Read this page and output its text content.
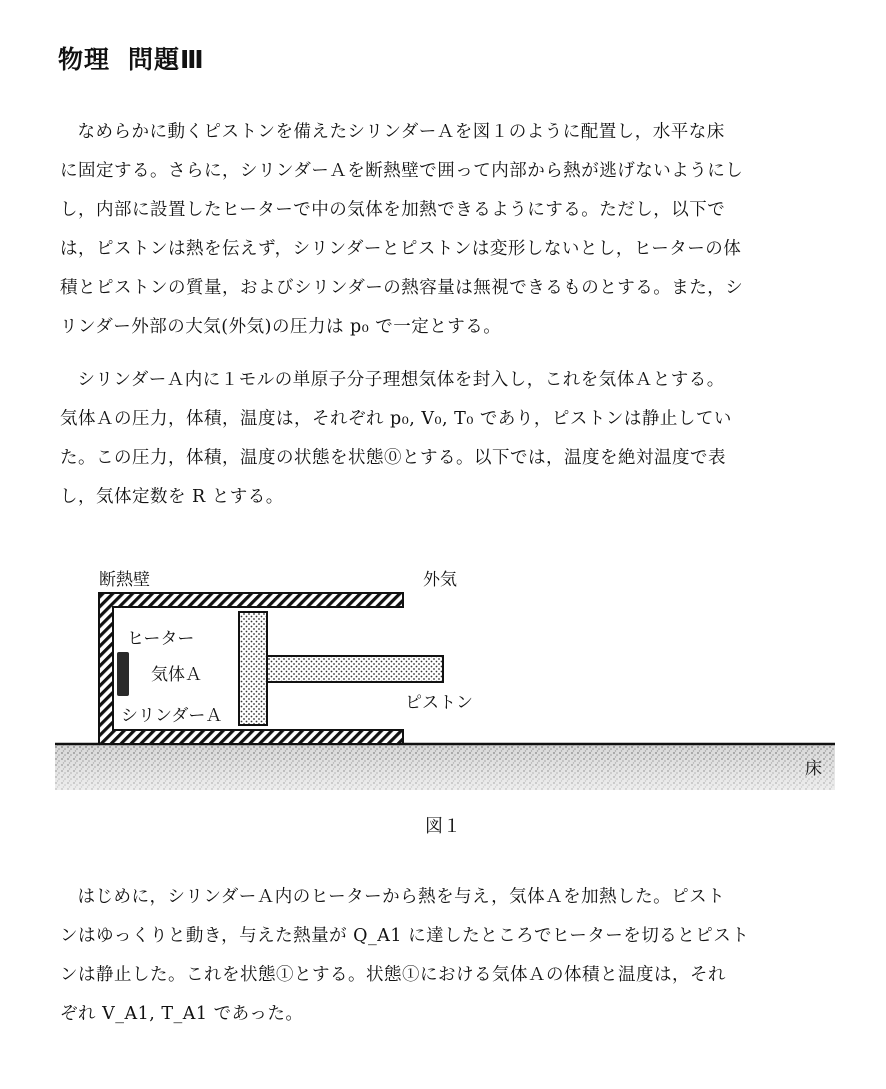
物理 問題Ⅲ

なめらかに動くピストンを備えたシリンダーＡを図１のように配置し，水平な床
に固定する。さらに，シリンダーＡを断熱壁で囲って内部から熱が逃げないようにし
し，内部に設置したヒーターで中の気体を加熱できるようにする。ただし，以下で
は，ピストンは熱を伝えず，シリンダーとピストンは変形しないとし，ヒーターの体
積とピストンの質量，およびシリンダーの熱容量は無視できるものとする。また，シ
リンダー外部の大気(外気)の圧力は p₀ で一定とする。

シリンダーＡ内に１モルの単原子分子理想気体を封入し，これを気体Ａとする。
気体Ａの圧力，体積，温度は，それぞれ p₀, V₀, T₀ であり，ピストンは静止してい
た。この圧力，体積，温度の状態を状態⓪とする。以下では，温度を絶対温度で表
し，気体定数を R とする。

断熱壁	外気
ヒーター
気体Ａ
シリンダーＡ
ピストン
床
図１

はじめに，シリンダーＡ内のヒーターから熱を与え，気体Ａを加熱した。ピスト
ンはゆっくりと動き，与えた熱量が Q_A1 に達したところでヒーターを切るとピスト
ンは静止した。これを状態①とする。状態①における気体Ａの体積と温度は，それ
ぞれ V_A1, T_A1 であった。
